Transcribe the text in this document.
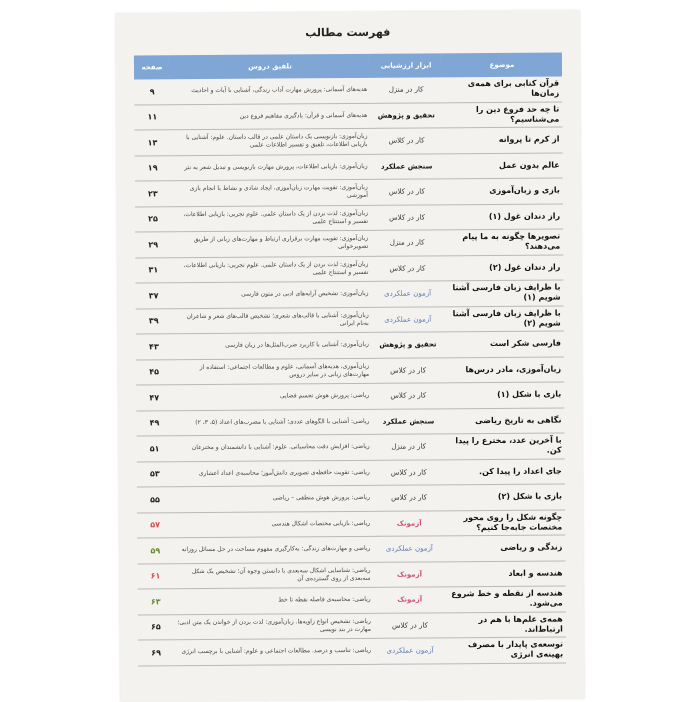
فهرست مطالب
موضوع	ابزار ارزشیابی	تلفیق دروس	صفحه
قرآن کتابی برای همه‌ی زمان‌ها	کار در منزل	هدیه‌های آسمانی: پرورش مهارت آداب زندگی، آشنایی با آیات و احادیث	۹
تا چه حد فروع دین را می‌شناسیم؟	تحقیق و پژوهش	هدیه‌های آسمانی و قرآن: یادگیری مفاهیم فروع دین	۱۱
از کرم تا پروانه	کار در کلاس	زبان‌آموزی: بازنویسی یک داستان علمی در قالب داستان. علوم: آشنایی با بازیابی اطلاعات، تلفیق و تفسیر اطلاعات علمی	۱۳
عالم بدون عمل	سنجش عملکرد	زبان‌آموزی: بازیابی اطلاعات، پرورش مهارت بازنویسی و تبدیل شعر به نثر	۱۹
بازی و زبان‌آموزی	کار در کلاس	زبان‌آموزی: تقویت مهارت زبان‌آموزی، ایجاد شادی و نشاط با انجام بازی آموزشی	۲۳
راز دندان غول (۱)	کار در کلاس	زبان‌آموزی: لذت بردن از یک داستان علمی. علوم تجربی: بازیابی اطلاعات، تفسیر و استنتاج علمی	۲۵
تصویرها چگونه به ما پیام می‌دهند؟	کار در منزل	زبان‌آموزی: تقویت مهارت برقراری ارتباط و مهارت‌های زبانی از طریق تصویرخوانی	۲۹
راز دندان غول (۲)	کار در کلاس	زبان‌آموزی: لذت بردن از یک داستان علمی. علوم تجربی: بازیابی اطلاعات، تفسیر و استنتاج علمی	۳۱
با ظرایف زبان فارسی آشنا شویم (۱)	آزمون عملکردی	زبان‌آموزی: تشخیص آرایه‌های ادبی در متون فارسی	۳۷
با ظرایف زبان فارسی آشنا شویم (۲)	آزمون عملکردی	زبان‌آموزی: آشنایی با قالب‌های شعری؛ تشخیص قالب‌های شعر و شاعران به‌نام ایرانی	۳۹
فارسی شکر است	تحقیق و پژوهش	زبان‌آموزی: آشنایی با کاربرد ضرب‌المثل‌ها در زبان فارسی	۴۳
زبان‌آموزی، مادر درس‌ها	کار در کلاس	زبان‌آموزی، هدیه‌های آسمانی، علوم و مطالعات اجتماعی: استفاده از مهارت‌های زبانی در سایر دروس	۴۵
بازی با شکل (۱)	کار در کلاس	ریاضی: پرورش هوش تجسم فضایی	۴۷
نگاهی به تاریخ ریاضی	سنجش عملکرد	ریاضی: آشنایی با الگوهای عددی؛ آشنایی با مضرب‌های اعداد (۵، ۳، ۲)	۴۹
با آخرین عدد، مخترع را پیدا کن.	کار در منزل	ریاضی: افزایش دقت محاسباتی. علوم: آشنایی با دانشمندان و مخترعان	۵۱
جای اعداد را پیدا کن.	کار در کلاس	ریاضی: تقویت حافظه‌ی تصویری دانش‌آموز؛ محاسبه‌ی اعداد اعشاری	۵۳
بازی با شکل (۲)	کار در کلاس	ریاضی: پرورش هوش منطقی – ریاضی	۵۵
چگونه شکل را روی محور مختصات جابه‌جا کنیم؟	آزمونک	ریاضی: بازیابی مختصات اشکال هندسی	۵۷
زندگی و ریاضی	آزمون عملکردی	ریاضی و مهارت‌های زندگی: به‌کارگیری مفهوم مساحت در حل مسائل روزانه	۵۹
هندسه و ابعاد	آزمونک	ریاضی: شناسایی اشکال سه‌بعدی با دانستن وجوه آن؛ تشخیص یک شکل سه‌بعدی از روی گسترده‌ی آن	۶۱
هندسه از نقطه و خط شروع می‌شود.	آزمونک	ریاضی: محاسبه‌ی فاصله نقطه تا خط	۶۳
همه‌ی علم‌ها با هم در ارتباط‌اند.	کار در کلاس	ریاضی: تشخیص انواع زاویه‌ها. زبان‌آموزی: لذت بردن از خواندن یک متن ادبی؛ مهارت در بند نویسی	۶۵
توسعه‌ی پایدار با مصرف بهینه‌ی انرژی	آزمون عملکردی	ریاضی: تناسب و درصد. مطالعات اجتماعی و علوم: آشنایی با برچسب انرژی	۶۹
